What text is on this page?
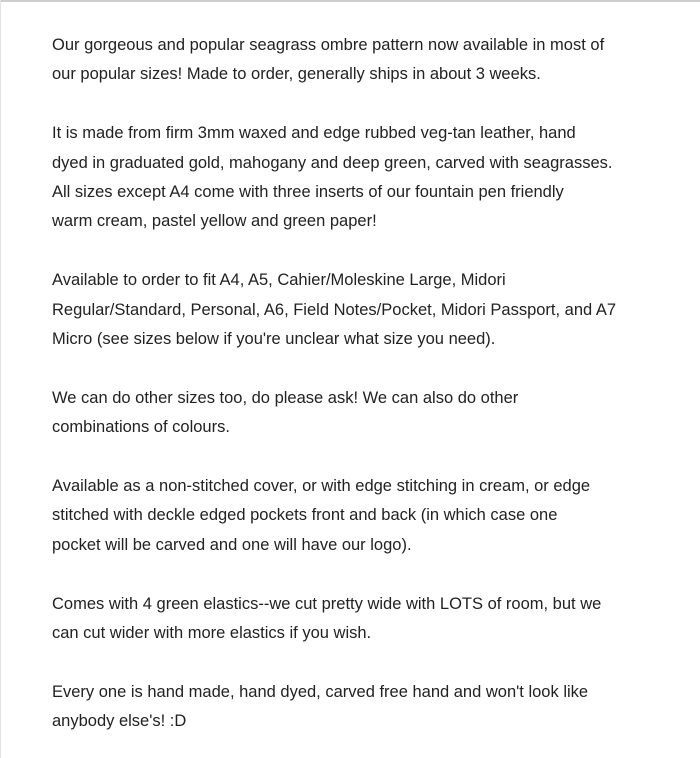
Our gorgeous and popular seagrass ombre pattern now available in most of
our popular sizes! Made to order, generally ships in about 3 weeks.

It is made from firm 3mm waxed and edge rubbed veg-tan leather, hand
dyed in graduated gold, mahogany and deep green, carved with seagrasses.
All sizes except A4 come with three inserts of our fountain pen friendly
warm cream, pastel yellow and green paper!

Available to order to fit A4, A5, Cahier/Moleskine Large, Midori
Regular/Standard, Personal, A6, Field Notes/Pocket, Midori Passport, and A7
Micro (see sizes below if you're unclear what size you need).

We can do other sizes too, do please ask! We can also do other
combinations of colours.

Available as a non-stitched cover, or with edge stitching in cream, or edge
stitched with deckle edged pockets front and back (in which case one
pocket will be carved and one will have our logo).

Comes with 4 green elastics--we cut pretty wide with LOTS of room, but we
can cut wider with more elastics if you wish.

Every one is hand made, hand dyed, carved free hand and won't look like
anybody else's! :D
